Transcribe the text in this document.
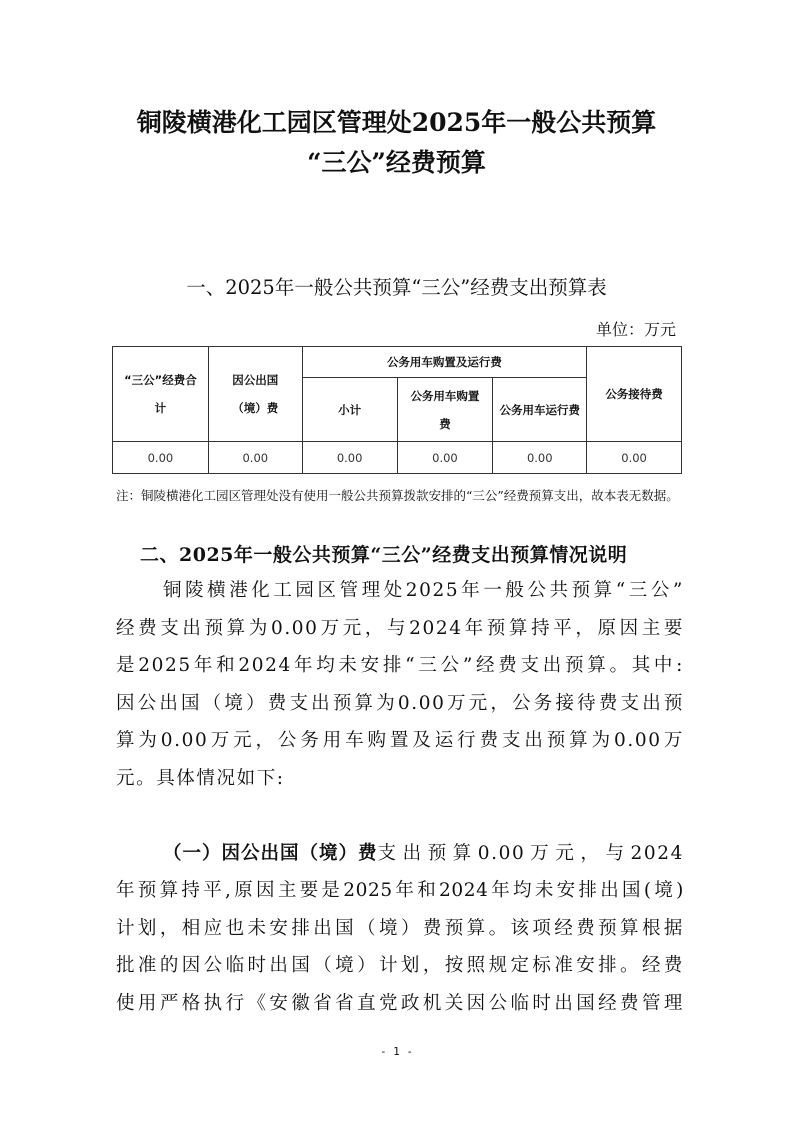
铜陵横港化工园区管理处2025年一般公共预算
“三公”经费预算
一、2025年一般公共预算“三公”经费支出预算表
单位：万元
“三公”经费合计	因公出国（境）费	公务用车购置及运行费			公务接待费
		小计	公务用车购置费	公务用车运行费	
0.00	0.00	0.00	0.00	0.00	0.00
注：铜陵横港化工园区管理处没有使用一般公共预算拨款安排的“三公”经费预算支出，故本表无数据。
二、2025年一般公共预算“三公”经费支出预算情况说明
铜陵横港化工园区管理处2025年一般公共预算“三公”
经费支出预算为0.00万元，与2024年预算持平，原因主要
是2025年和2024年均未安排“三公”经费支出预算。其中:
因公出国（境）费支出预算为0.00万元，公务接待费支出预
算为0.00万元，公务用车购置及运行费支出预算为0.00万
元。具体情况如下:
（一）因公出国（境）费 支出预算0.00万元，与2024
年预算持平,原因主要是2025年和2024年均未安排出国(境)
计划，相应也未安排出国（境）费预算。该项经费预算根据
批准的因公临时出国（境）计划，按照规定标准安排。经费
使用严格执行《安徽省省直党政机关因公临时出国经费管理
- 1 -
